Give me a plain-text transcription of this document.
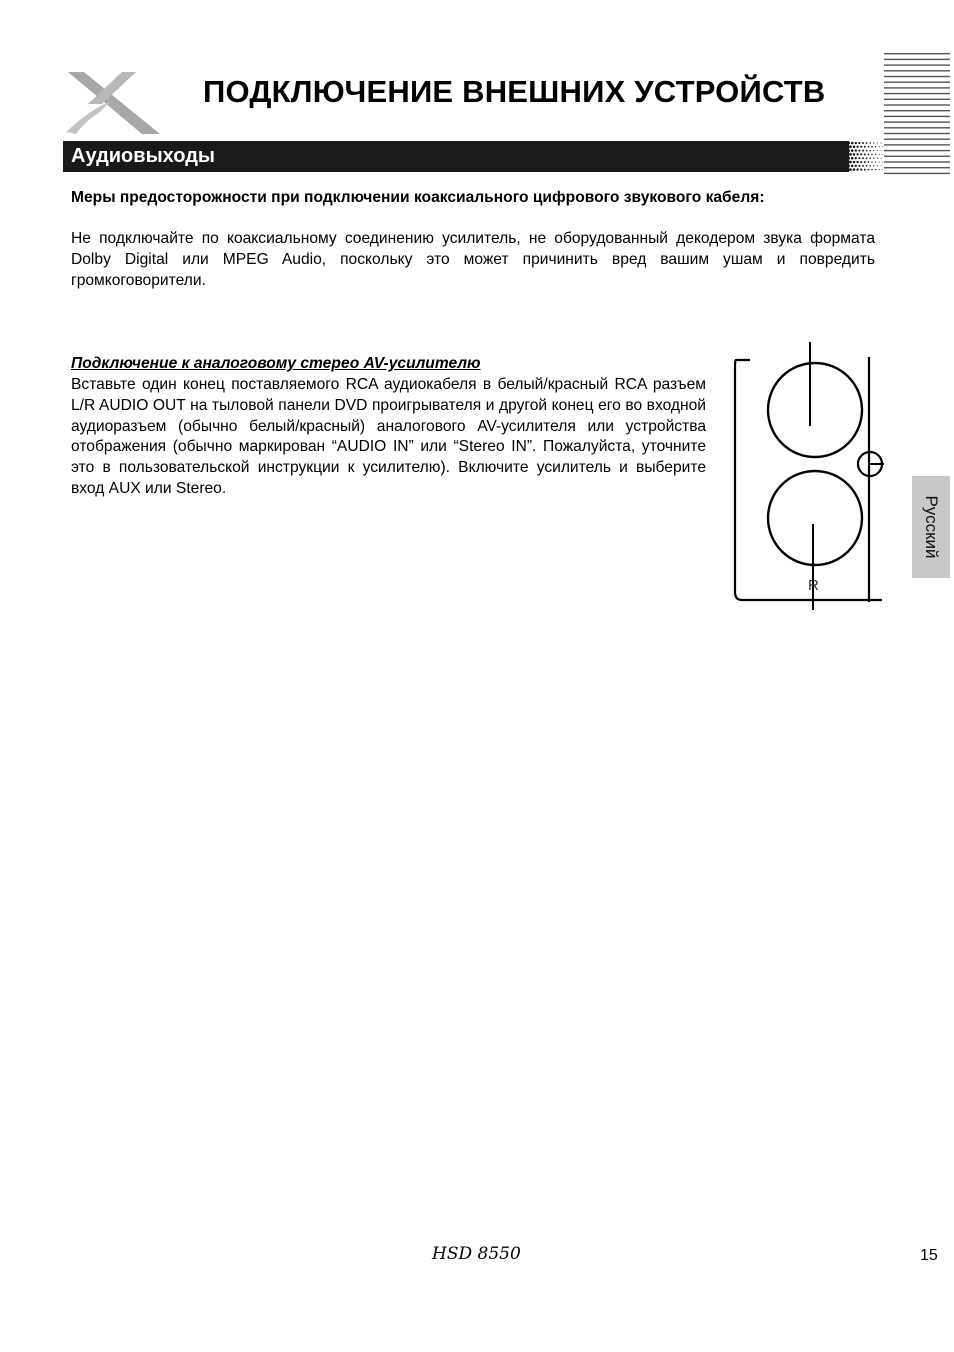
ПОДКЛЮЧЕНИЕ ВНЕШНИХ УСТРОЙСТВ
Аудиовыходы
Меры предосторожности при подключении коаксиального цифрового звукового кабеля:
Не подключайте по коаксиальному соединению усилитель, не оборудованный декодером звука формата Dolby Digital или MPEG Audio, поскольку это может причинить вред вашим ушам и повредить громкоговорители.
Подключение к аналоговому стерео AV-усилителю
Вставьте один конец поставляемого RCA аудиокабеля в белый/красный RCA разъем L/R AUDIO OUT на тыловой панели DVD проигрывателя и другой конец его во входной аудиоразъем (обычно белый/красный) аналогового AV-усилителя или устройства отображения (обычно маркирован “AUDIO IN” или “Stereo IN”. Пожалуйста, уточните это в пользовательской инструкции к усилителю). Включите усилитель и выберите вход AUX или Stereo.
R
Русский
HSD 8550	15
